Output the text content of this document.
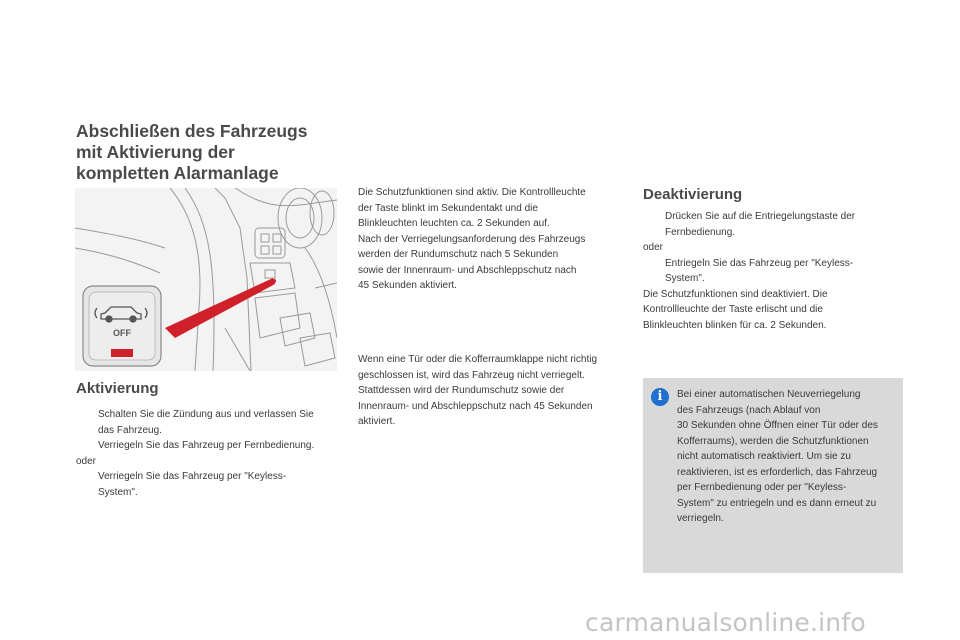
Abschließen des Fahrzeugs
mit Aktivierung der
kompletten Alarmanlage
OFF
Aktivierung
Schalten Sie die Zündung aus und verlassen Sie
das Fahrzeug.
Verriegeln Sie das Fahrzeug per Fernbedienung.
oder
Verriegeln Sie das Fahrzeug per "Keyless-
System".
Die Schutzfunktionen sind aktiv. Die Kontrollleuchte
der Taste blinkt im Sekundentakt und die
Blinkleuchten leuchten ca. 2 Sekunden auf.
Nach der Verriegelungsanforderung des Fahrzeugs
werden der Rundumschutz nach 5 Sekunden
sowie der Innenraum- und Abschleppschutz nach
45 Sekunden aktiviert.
Wenn eine Tür oder die Kofferraumklappe nicht richtig
geschlossen ist, wird das Fahrzeug nicht verriegelt.
Stattdessen wird der Rundumschutz sowie der
Innenraum- und Abschleppschutz nach 45 Sekunden
aktiviert.
Deaktivierung
Drücken Sie auf die Entriegelungstaste der
Fernbedienung.
oder
Entriegeln Sie das Fahrzeug per "Keyless-
System".
Die Schutzfunktionen sind deaktiviert. Die
Kontrollleuchte der Taste erlischt und die
Blinkleuchten blinken für ca. 2 Sekunden.
i	Bei einer automatischen Neuverriegelung
des Fahrzeugs (nach Ablauf von
30 Sekunden ohne Öffnen einer Tür oder des
Kofferraums), werden die Schutzfunktionen
nicht automatisch reaktiviert. Um sie zu
reaktivieren, ist es erforderlich, das Fahrzeug
per Fernbedienung oder per "Keyless-
System" zu entriegeln und es dann erneut zu
verriegeln.
carmanualsonline.info
